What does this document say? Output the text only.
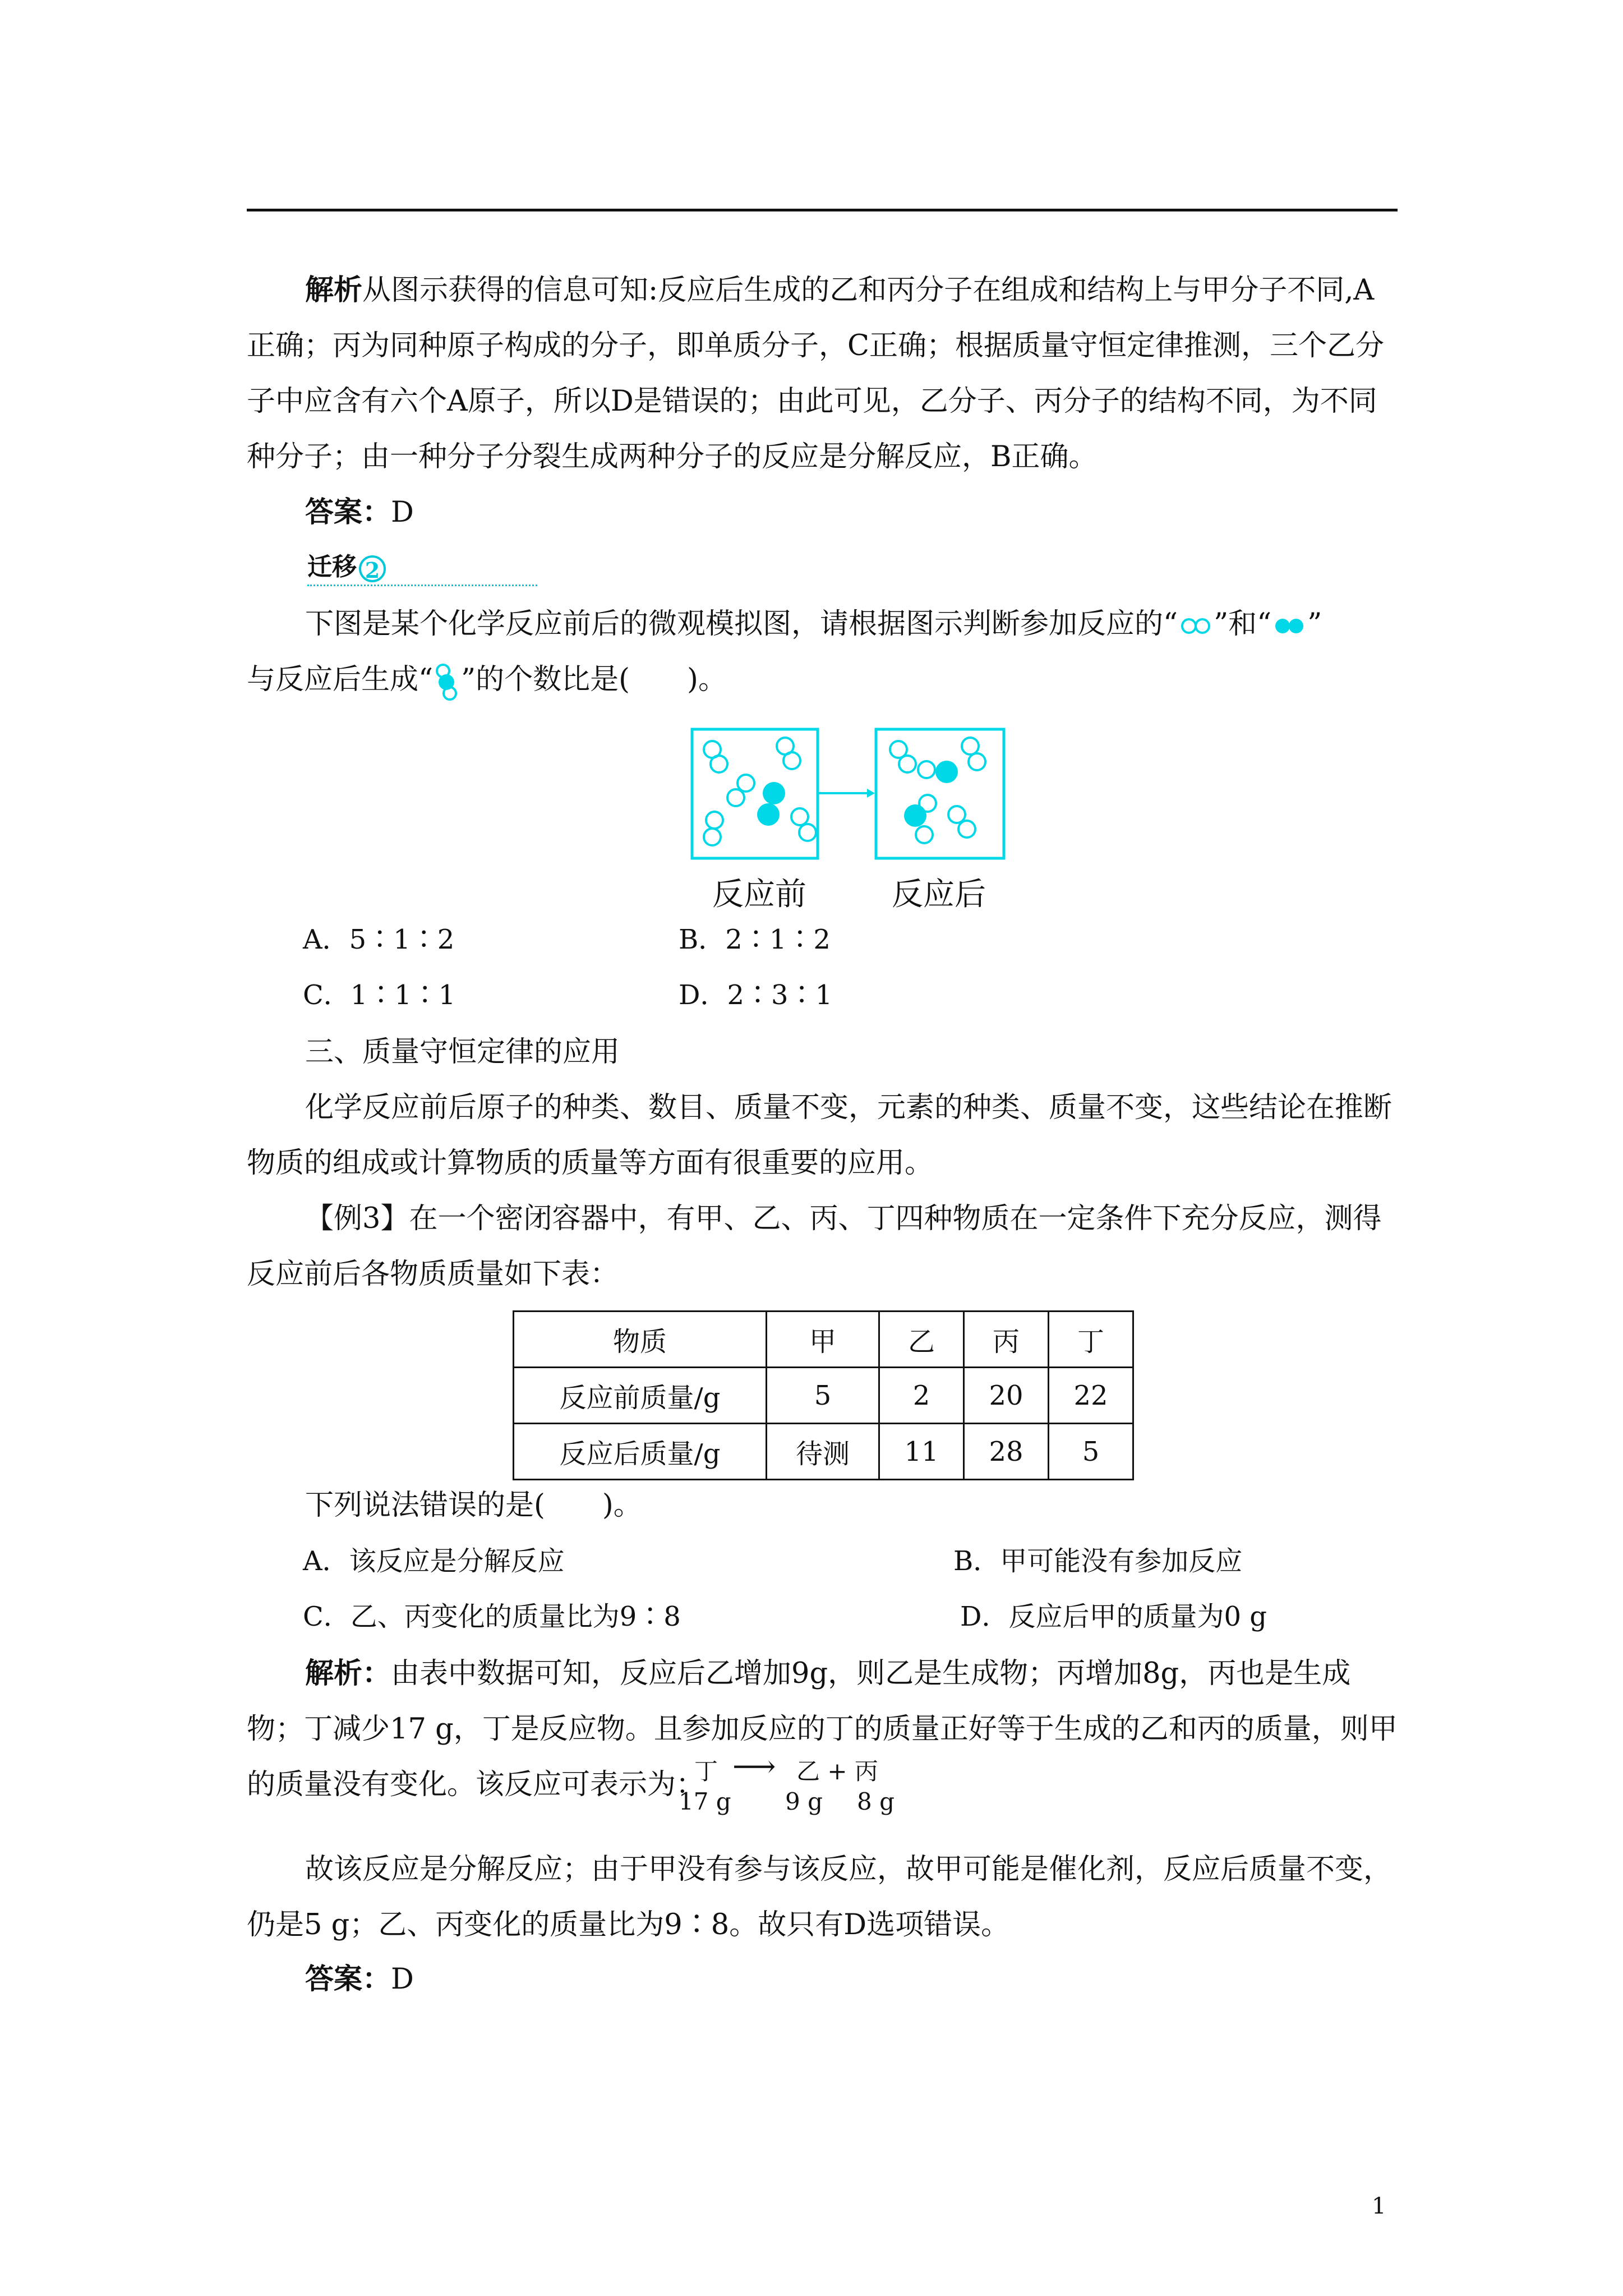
解析从图示获得的信息可知:反应后生成的乙和丙分子在组成和结构上与甲分子不同,A正确；丙为同种原子构成的分子，即单质分子，C正确；根据质量守恒定律推测，三个乙分子中应含有六个A原子，所以D是错误的；由此可见，乙分子、丙分子的结构不同，为不同种分子；由一种分子分裂生成两种分子的反应是分解反应，B正确。

答案：D

迁移 2

下图是某个化学反应前后的微观模拟图，请根据图示判断参加反应的“ ”和“ ”

与反应后生成“ ”的个数比是(　　)。

反应前	反应后
A．5∶1∶2	B．2∶1∶2
C．1∶1∶1	D．2∶3∶1

三、质量守恒定律的应用

化学反应前后原子的种类、数目、质量不变，元素的种类、质量不变，这些结论在推断物质的组成或计算物质的质量等方面有很重要的应用。

【例3】在一个密闭容器中，有甲、乙、丙、丁四种物质在一定条件下充分反应，测得反应前后各物质质量如下表：

物质	甲	乙	丙	丁
反应前质量/g	5	2	20	22
反应后质量/g	待测	11	28	5

下列说法错误的是(　　)。

A．该反应是分解反应	B．甲可能没有参加反应
C．乙、丙变化的质量比为9∶8	D．反应后甲的质量为0 g

解析：由表中数据可知，反应后乙增加9g，则乙是生成物；丙增加8g，丙也是生成物；丁减少17 g，丁是反应物。且参加反应的丁的质量正好等于生成的乙和丙的质量，则甲的质量没有变化。该反应可表示为：

丁 ⟶ 乙 + 丙
17 g 9 g 8 g

故该反应是分解反应；由于甲没有参与该反应，故甲可能是催化剂，反应后质量不变，仍是5 g；乙、丙变化的质量比为9∶8。故只有D选项错误。

答案：D

1
